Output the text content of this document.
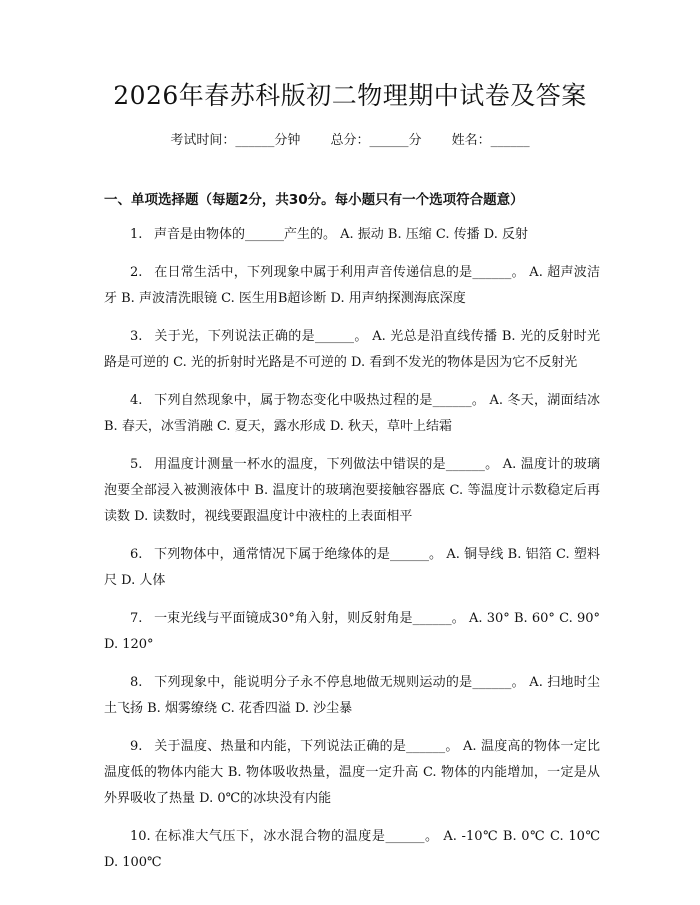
2026年春苏科版初二物理期中试卷及答案
考试时间：______分钟 总分：______分 姓名：______
一、单项选择题（每题2分，共30分。每小题只有一个选项符合题意）
1. 声音是由物体的______产生的。 A. 振动 B. 压缩 C. 传播 D. 反射
2. 在日常生活中，下列现象中属于利用声音传递信息的是______。 A. 超声波洁牙 B. 声波清洗眼镜 C. 医生用B超诊断 D. 用声纳探测海底深度
3. 关于光，下列说法正确的是______。 A. 光总是沿直线传播 B. 光的反射时光路是可逆的 C. 光的折射时光路是不可逆的 D. 看到不发光的物体是因为它不反射光
4. 下列自然现象中，属于物态变化中吸热过程的是______。 A. 冬天，湖面结冰 B. 春天，冰雪消融 C. 夏天，露水形成 D. 秋天，草叶上结霜
5. 用温度计测量一杯水的温度，下列做法中错误的是______。 A. 温度计的玻璃泡要全部浸入被测液体中 B. 温度计的玻璃泡要接触容器底 C. 等温度计示数稳定后再读数 D. 读数时，视线要跟温度计中液柱的上表面相平
6. 下列物体中，通常情况下属于绝缘体的是______。 A. 铜导线 B. 铝箔 C. 塑料尺 D. 人体
7. 一束光线与平面镜成30°角入射，则反射角是______。 A. 30° B. 60° C. 90° D. 120°
8. 下列现象中，能说明分子永不停息地做无规则运动的是______。 A. 扫地时尘土飞扬 B. 烟雾缭绕 C. 花香四溢 D. 沙尘暴
9. 关于温度、热量和内能，下列说法正确的是______。 A. 温度高的物体一定比温度低的物体内能大 B. 物体吸收热量，温度一定升高 C. 物体的内能增加，一定是从外界吸收了热量 D. 0℃的冰块没有内能
10. 在标准大气压下，冰水混合物的温度是______。 A. -10℃ B. 0℃ C. 10℃ D. 100℃
